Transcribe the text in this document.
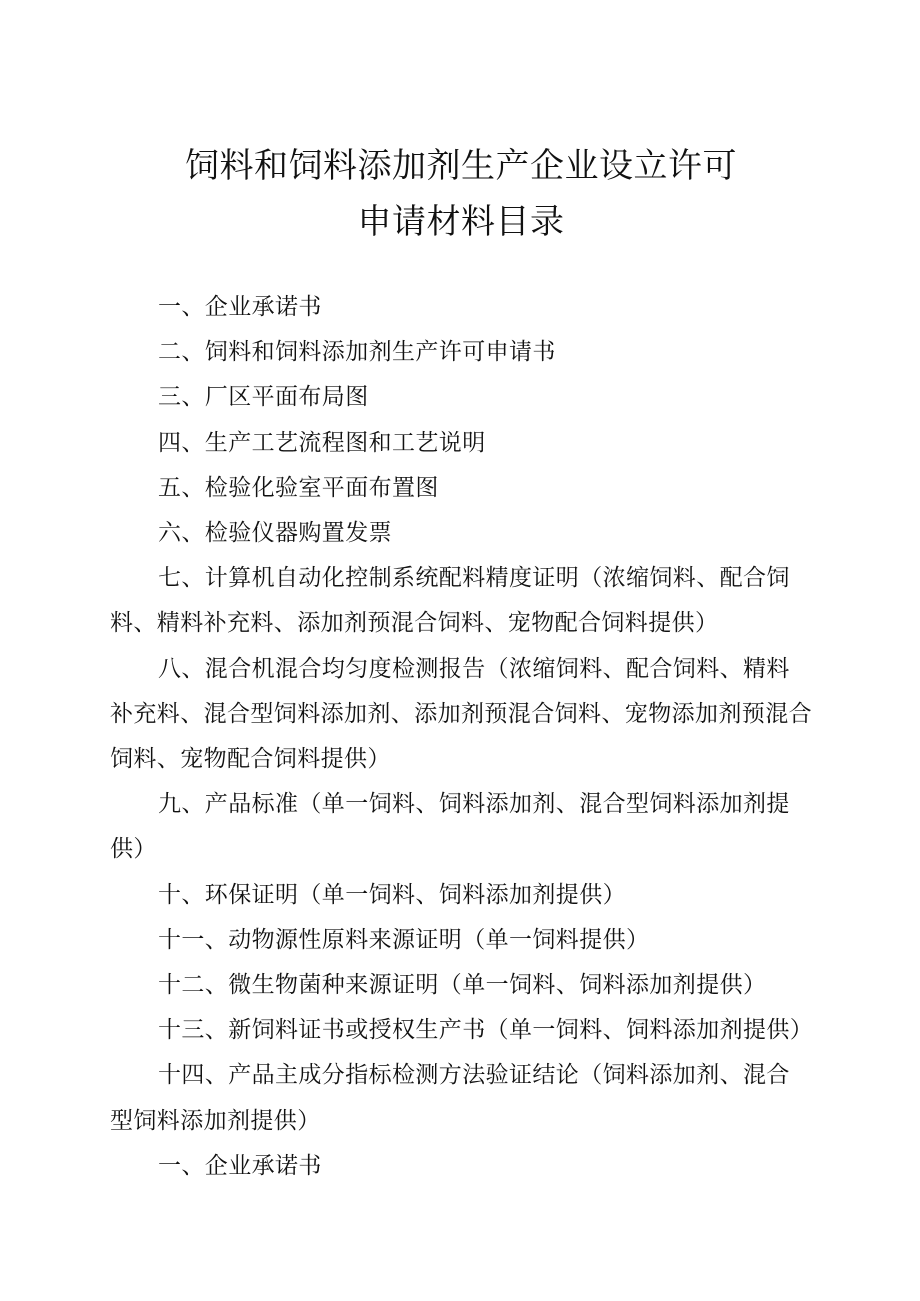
饲料和饲料添加剂生产企业设立许可
申请材料目录

一、企业承诺书

二、饲料和饲料添加剂生产许可申请书

三、厂区平面布局图

四、生产工艺流程图和工艺说明

五、检验化验室平面布置图

六、检验仪器购置发票

七、计算机自动化控制系统配料精度证明（浓缩饲料、配合饲料、精料补充料、添加剂预混合饲料、宠物配合饲料提供）

八、混合机混合均匀度检测报告（浓缩饲料、配合饲料、精料补充料、混合型饲料添加剂、添加剂预混合饲料、宠物添加剂预混合饲料、宠物配合饲料提供）

九、产品标准（单一饲料、饲料添加剂、混合型饲料添加剂提供）

十、环保证明（单一饲料、饲料添加剂提供）

十一、动物源性原料来源证明（单一饲料提供）

十二、微生物菌种来源证明（单一饲料、饲料添加剂提供）

十三、新饲料证书或授权生产书（单一饲料、饲料添加剂提供）

十四、产品主成分指标检测方法验证结论（饲料添加剂、混合型饲料添加剂提供）

一、企业承诺书
